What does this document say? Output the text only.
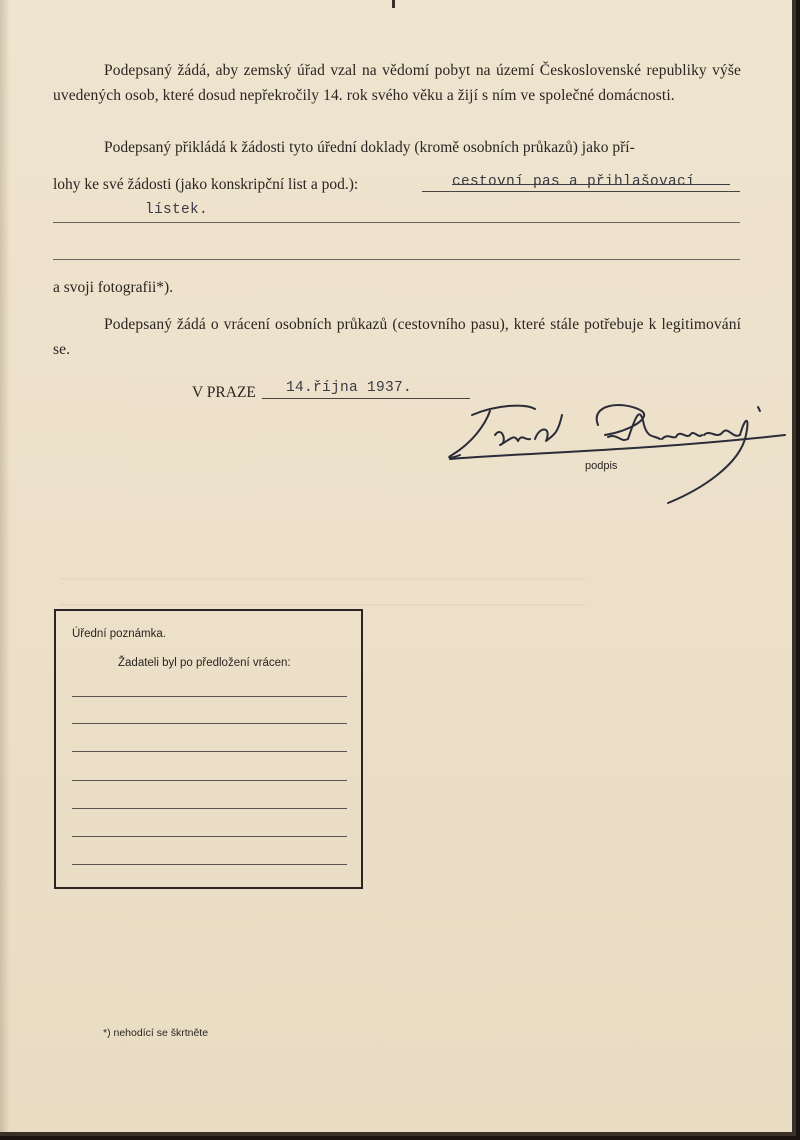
─────────────────────────────────────────────────────
─────────────────────────────────────────────────────

Podepsaný žádá, aby zemský úřad vzal na vědomí pobyt na území Československé republiky výše uvedených osob, které dosud nepřekročily 14. rok svého věku a žijí s ním ve společné domácnosti.

Podepsaný přikládá k žádosti tyto úřední doklady (kromě osobních průkazů) jako pří-
lohy ke své žádosti (jako konskripční list a pod.):	cestovní pas a přihlašovací
lístek.
a svoji fotografii*).

Podepsaný žádá o vrácení osobních průkazů (cestovního pasu), které stále potřebuje k legitimování se.

V PRAZE 14.října 1937.
podpis
Úřední poznámka.
Žadateli byl po předložení vrácen:
*) nehodící se škrtněte
